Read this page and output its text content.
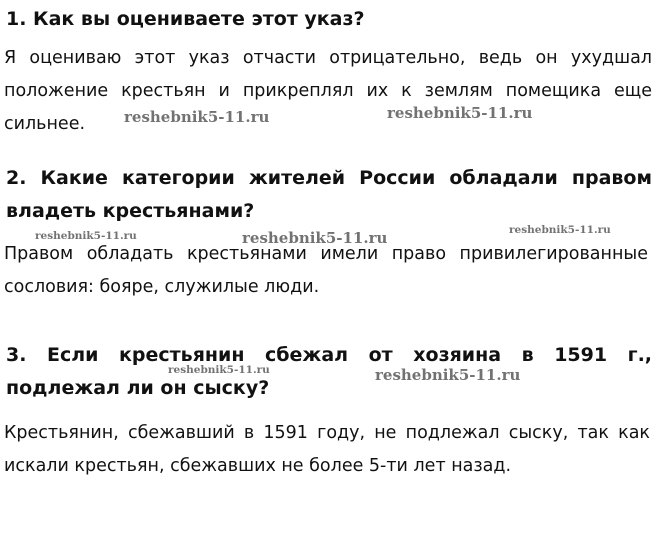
1. Как вы оцениваете этот указ?

Я оцениваю этот указ отчасти отрицательно, ведь он ухудшал положение крестьян и прикреплял их к землям помещика еще сильнее.

2. Какие категории жителей России обладали правом владеть крестьянами?

Правом обладать крестьянами имели право привилегированные сословия: бояре, служилые люди.

3. Если крестьянин сбежал от хозяина в 1591 г., подлежал ли он сыску?

Крестьянин, сбежавший в 1591 году, не подлежал сыску, так как искали крестьян, сбежавших не более 5-ти лет назад.

reshebnik5-11.ru	reshebnik5-11.ru
reshebnik5-11.ru	reshebnik5-11.ru	reshebnik5-11.ru
reshebnik5-11.ru	reshebnik5-11.ru
